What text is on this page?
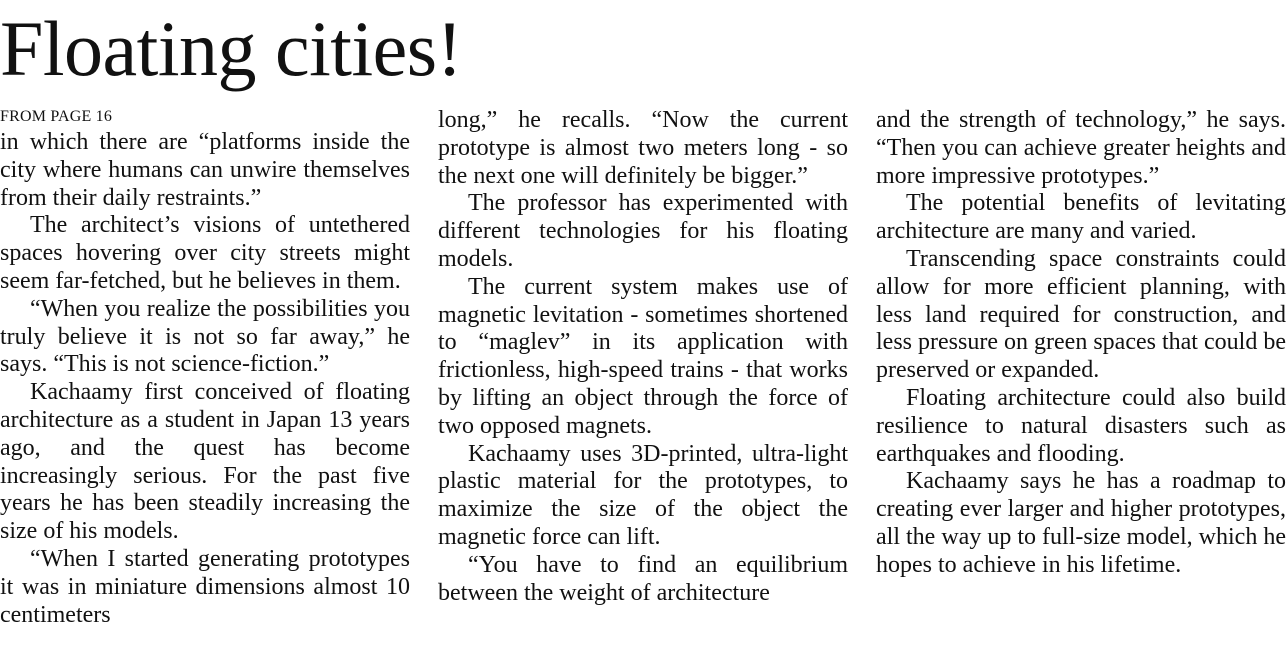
Floating cities!
FROM PAGE 16

in which there are “platforms inside the city where humans can unwire themselves from their daily restraints.”

The architect’s visions of untethered spaces hovering over city streets might seem far-fetched, but he believes in them.

“When you realize the possibilities you truly believe it is not so far away,” he says. “This is not science-fiction.”

Kachaamy first conceived of floating architecture as a student in Japan 13 years ago, and the quest has become increasingly serious. For the past five years he has been steadily increasing the size of his models.

“When I started generating prototypes it was in miniature dimensions almost 10 centimeters

long,” he recalls. “Now the current prototype is almost two meters long - so the next one will definitely be bigger.”

The professor has experimented with different technologies for his floating models.

The current system makes use of magnetic levitation - sometimes shortened to “maglev” in its application with frictionless, high-speed trains - that works by lifting an object through the force of two opposed magnets.

Kachaamy uses 3D-printed, ultra-light plastic material for the prototypes, to maximize the size of the object the magnetic force can lift.

“You have to find an equilibrium between the weight of architecture

and the strength of technology,” he says. “Then you can achieve greater heights and more impressive prototypes.”

The potential benefits of levitating architecture are many and varied.

Transcending space constraints could allow for more efficient planning, with less land required for construction, and less pressure on green spaces that could be preserved or expanded.

Floating architecture could also build resilience to natural disasters such as earthquakes and flooding.

Kachaamy says he has a roadmap to creating ever larger and higher prototypes, all the way up to full-size model, which he hopes to achieve in his lifetime.
